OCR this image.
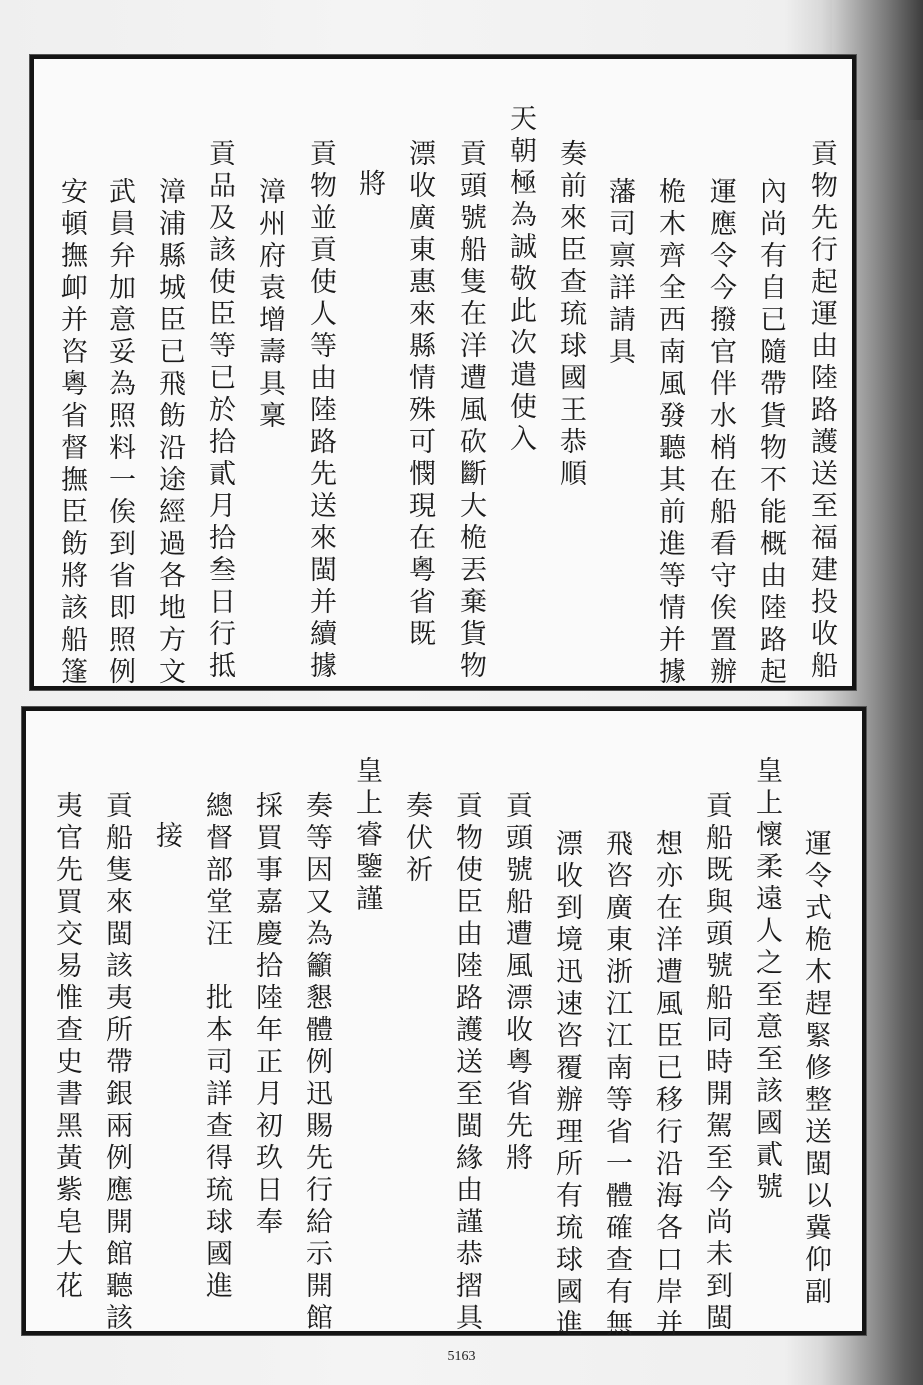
貢物先行起運由陸路護送至福建投收船
內尚有自已隨帶貨物不能概由陸路起
運應令今撥官伴水梢在船看守俟置辦
桅木齊全西南風發聽其前進等情并據
藩司禀詳請具
奏前來臣查琉球國王恭順
天朝極為誠敬此次遣使入
貢頭號船隻在洋遭風砍斷大桅丟棄貨物
漂收廣東惠來縣情殊可憫現在粵省既
將
貢物並貢使人等由陸路先送來閩并續據
漳州府袁增壽具稟
貢品及該使臣等已於拾貳月拾叁日行抵
漳浦縣城臣已飛飭沿途經過各地方文
武員弁加意妥為照料一俟到省即照例
安頓撫卹并咨粵省督撫臣飭將該船篷
運令式桅木趕緊修整送閩以冀仰副
皇上懷柔遠人之至意至該國貳號
貢船既與頭號船同時開駕至今尚未到閩
想亦在洋遭風臣已移行沿海各口岸并
飛咨廣東浙江江南等省一體確查有無
漂收到境迅速咨覆辦理所有琉球國進
貢頭號船遭風漂收粵省先將
貢物使臣由陸路護送至閩緣由謹恭摺具
奏伏祈
皇上睿鑒謹
奏等因又為籲懇體例迅賜先行給示開館
採買事嘉慶拾陸年正月初玖日奉
總督部堂汪　批本司詳查得琉球國進
接
貢船隻來閩該夷所帶銀兩例應開館聽該
夷官先買交易惟查史書黑黃紫皂大花
5163
